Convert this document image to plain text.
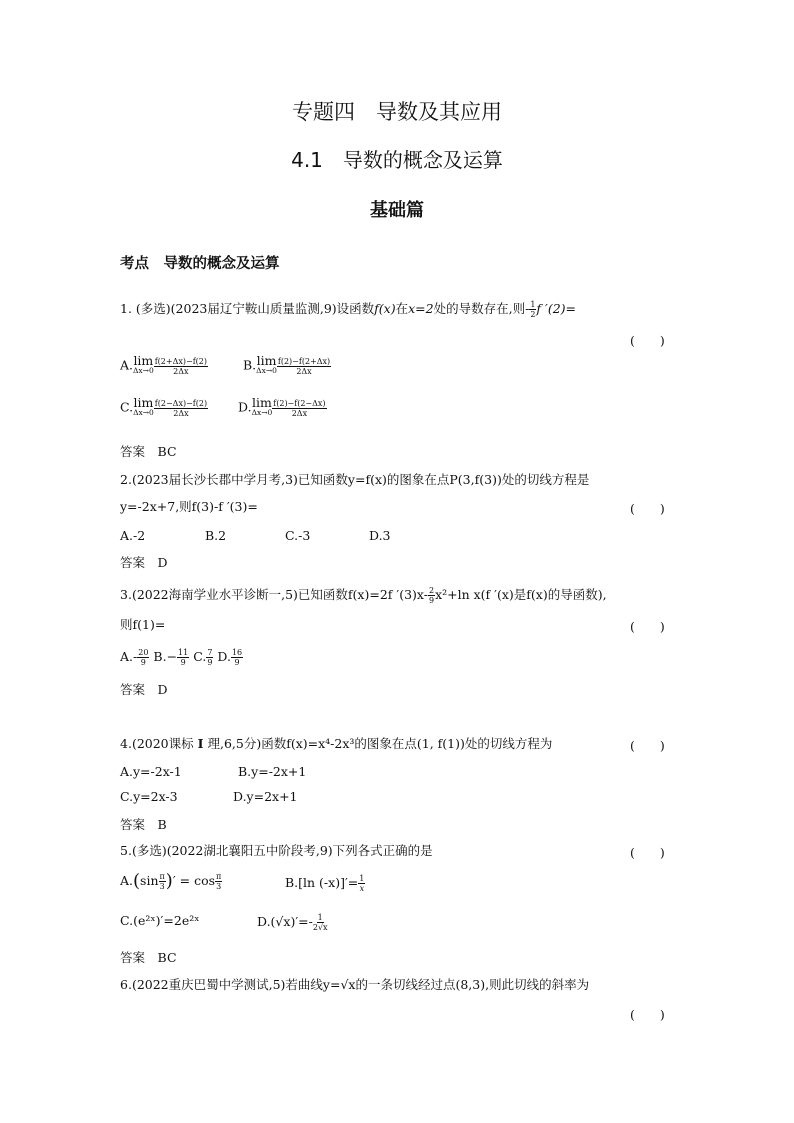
专题四　导数及其应用
4.1　导数的概念及运算
基础篇
考点　导数的概念及运算
1. (多选)(2023届辽宁鞍山质量监测,9)设函数f(x)在x=2处的导数存在,则- $\frac{1}{2}$ f ′(2)=
(　　)
A. lim
$\Delta x\to 0 \frac{f(2+\Delta x)-f(2)}{2\Delta x}$	B. lim
$\Delta x\to 0 \frac{f(2)-f(2+\Delta x)}{2\Delta x}$
C. lim
$\Delta x\to 0 \frac{f(2-\Delta x)-f(2)}{2\Delta x} D$. lim
$\Delta x\to 0 \frac{f(2)-f(2-\Delta x)}{2\Delta x}$
答案　 BC
2.(2023届长沙长郡中学月考,3)已知函数y=f(x)的图象在点P(3,f(3))处的切线方程是
y=-2x+7,则f(3)-f ′(3)=	(　　)
A.-2	B.2	C.-3	D.3
答案　 D
3.(2022海南学业水平诊断一,5)已知函数f(x)=2f $'(3)x- \frac{2}{9} x^2+\ln$ x(f ′(x)是f(x)的导函数),
则f(1)=	(　　)
$A.- \frac{20}{9} B.- \frac{11}{9} C$. $\frac{7}{9} D$. $\frac{16}{9}$
答案　 D
4.(2020课标 Ⅰ 理,6,5分)函数f(x)=x⁴-2x³的图象在点(1, f(1))处的切线方程为	(　　)
A.y=-2x-1	B.y=-2x+1
C.y=2x-3	D.y=2x+1
答案　 B
5.(多选)(2022湖北襄阳五中阶段考,9)下列各式正确的是	(　　)
$A.(\sin \frac{\pi}{3}$ )′ = $\cos \frac{\pi}{3}$	B.[ln $(-x)]'= \frac{1}{x}$
C.(e²ˣ)′=2e²ˣ	$D.(√x)'=- \frac{1}{2√x}$
答案　 BC
6.(2022重庆巴蜀中学测试,5)若曲线y=√x的一条切线经过点(8,3),则此切线的斜率为
(　　)
